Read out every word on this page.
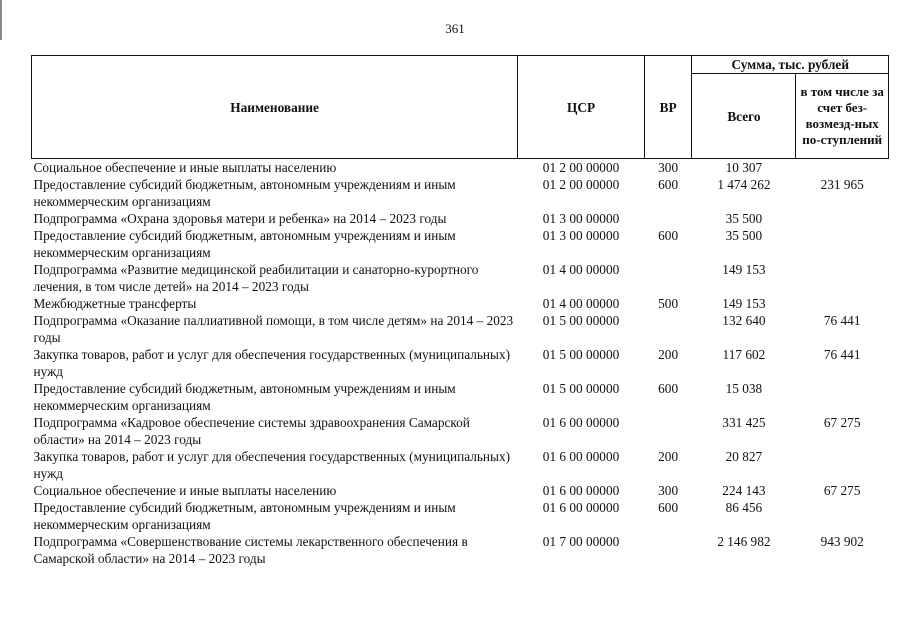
361
Наименование	ЦСР	ВР	Сумма, тыс. рублей	
			Всего	в том числе за счет без-возмезд-ных по-ступлений
Социальное обеспечение и иные выплаты населению	01 2 00 00000	300	10 307	
Предоставление субсидий бюджетным, автономным учреждениям и иным некоммерческим организациям	01 2 00 00000	600	1 474 262	231 965
Подпрограмма «Охрана здоровья матери и ребенка» на 2014 – 2023 годы	01 3 00 00000		35 500	
Предоставление субсидий бюджетным, автономным учреждениям и иным некоммерческим организациям	01 3 00 00000	600	35 500	
Подпрограмма «Развитие медицинской реабилитации и санаторно-курортного лечения, в том числе детей» на 2014 – 2023 годы	01 4 00 00000		149 153	
Межбюджетные трансферты	01 4 00 00000	500	149 153	
Подпрограмма «Оказание паллиативной помощи, в том числе детям» на 2014 – 2023 годы	01 5 00 00000		132 640	76 441
Закупка товаров, работ и услуг для обеспечения государственных (муниципальных) нужд	01 5 00 00000	200	117 602	76 441
Предоставление субсидий бюджетным, автономным учреждениям и иным некоммерческим организациям	01 5 00 00000	600	15 038	
Подпрограмма «Кадровое обеспечение системы здравоохранения Самарской области» на 2014 – 2023 годы	01 6 00 00000		331 425	67 275
Закупка товаров, работ и услуг для обеспечения государственных (муниципальных) нужд	01 6 00 00000	200	20 827	
Социальное обеспечение и иные выплаты населению	01 6 00 00000	300	224 143	67 275
Предоставление субсидий бюджетным, автономным учреждениям и иным некоммерческим организациям	01 6 00 00000	600	86 456	
Подпрограмма «Совершенствование системы лекарственного обеспечения в Самарской области» на 2014 – 2023 годы	01 7 00 00000		2 146 982	943 902
